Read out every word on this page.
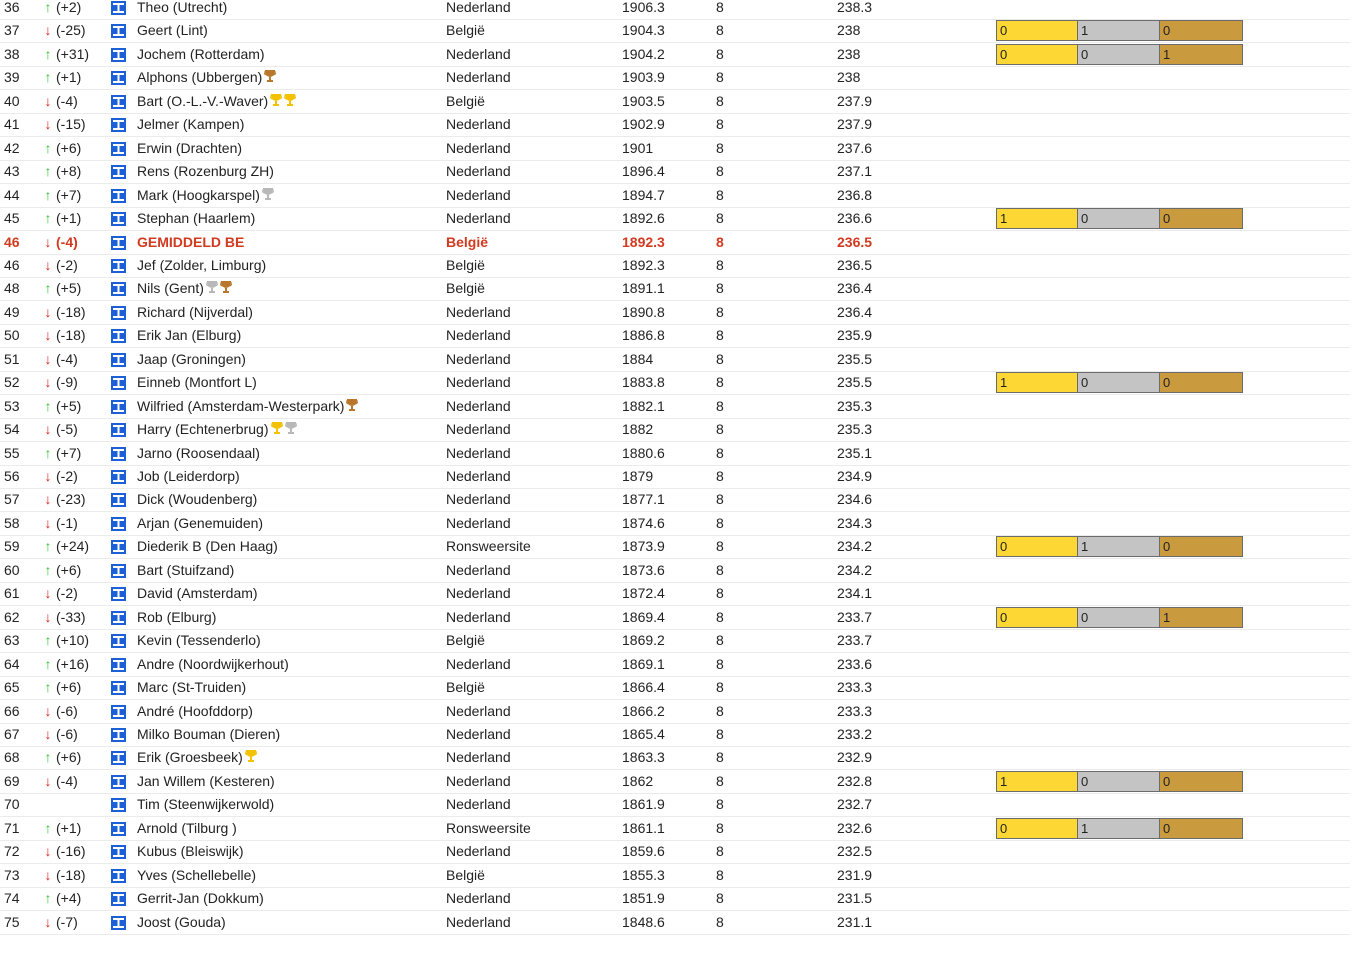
36 ↑ (+2)	Theo (Utrecht)	Nederland	1906.3	8	238.3
37 ↓ (-25)	Geert (Lint)	België	1904.3	8	238	0	1	0
38 ↑ (+31)	Jochem (Rotterdam)	Nederland	1904.2	8	238	0	0	1
39 ↑ (+1)	Alphons (Ubbergen)	Nederland	1903.9	8	238
40 ↓ (-4)	Bart (O.-L.-V.-Waver)	België	1903.5	8	237.9
41 ↓ (-15)	Jelmer (Kampen)	Nederland	1902.9	8	237.9
42 ↑ (+6)	Erwin (Drachten)	Nederland	1901	8	237.6
43 ↑ (+8)	Rens (Rozenburg ZH)	Nederland	1896.4	8	237.1
44 ↑ (+7)	Mark (Hoogkarspel)	Nederland	1894.7	8	236.8
45 ↑ (+1)	Stephan (Haarlem)	Nederland	1892.6	8	236.6	1	0	0
46 ↓ (-4)	GEMIDDELD BE	België	1892.3	8	236.5
46 ↓ (-2)	Jef (Zolder, Limburg)	België	1892.3	8	236.5
48 ↑ (+5)	Nils (Gent)	België	1891.1	8	236.4
49 ↓ (-18)	Richard (Nijverdal)	Nederland	1890.8	8	236.4
50 ↓ (-18)	Erik Jan (Elburg)	Nederland	1886.8	8	235.9
51 ↓ (-4)	Jaap (Groningen)	Nederland	1884	8	235.5
52 ↓ (-9)	Einneb (Montfort L)	Nederland	1883.8	8	235.5	1	0	0
53 ↑ (+5)	Wilfried (Amsterdam-Westerpark)	Nederland	1882.1	8	235.3
54 ↓ (-5)	Harry (Echtenerbrug)	Nederland	1882	8	235.3
55 ↑ (+7)	Jarno (Roosendaal)	Nederland	1880.6	8	235.1
56 ↓ (-2)	Job (Leiderdorp)	Nederland	1879	8	234.9
57 ↓ (-23)	Dick (Woudenberg)	Nederland	1877.1	8	234.6
58 ↓ (-1)	Arjan (Genemuiden)	Nederland	1874.6	8	234.3
59 ↑ (+24)	Diederik B (Den Haag)	Ronsweersite	1873.9	8	234.2	0	1	0
60 ↑ (+6)	Bart (Stuifzand)	Nederland	1873.6	8	234.2
61 ↓ (-2)	David (Amsterdam)	Nederland	1872.4	8	234.1
62 ↓ (-33)	Rob (Elburg)	Nederland	1869.4	8	233.7	0	0	1
63 ↑ (+10)	Kevin (Tessenderlo)	België	1869.2	8	233.7
64 ↑ (+16)	Andre (Noordwijkerhout)	Nederland	1869.1	8	233.6
65 ↑ (+6)	Marc (St-Truiden)	België	1866.4	8	233.3
66 ↓ (-6)	André (Hoofddorp)	Nederland	1866.2	8	233.3
67 ↓ (-6)	Milko Bouman (Dieren)	Nederland	1865.4	8	233.2
68 ↑ (+6)	Erik (Groesbeek)	Nederland	1863.3	8	232.9
69 ↓ (-4)	Jan Willem (Kesteren)	Nederland	1862	8	232.8	1	0	0
70	Tim (Steenwijkerwold)	Nederland	1861.9	8	232.7
71 ↑ (+1)	Arnold (Tilburg )	Ronsweersite	1861.1	8	232.6	0	1	0
72 ↓ (-16)	Kubus (Bleiswijk)	Nederland	1859.6	8	232.5
73 ↓ (-18)	Yves (Schellebelle)	België	1855.3	8	231.9
74 ↑ (+4)	Gerrit-Jan (Dokkum)	Nederland	1851.9	8	231.5
75 ↓ (-7)	Joost (Gouda)	Nederland	1848.6	8	231.1
